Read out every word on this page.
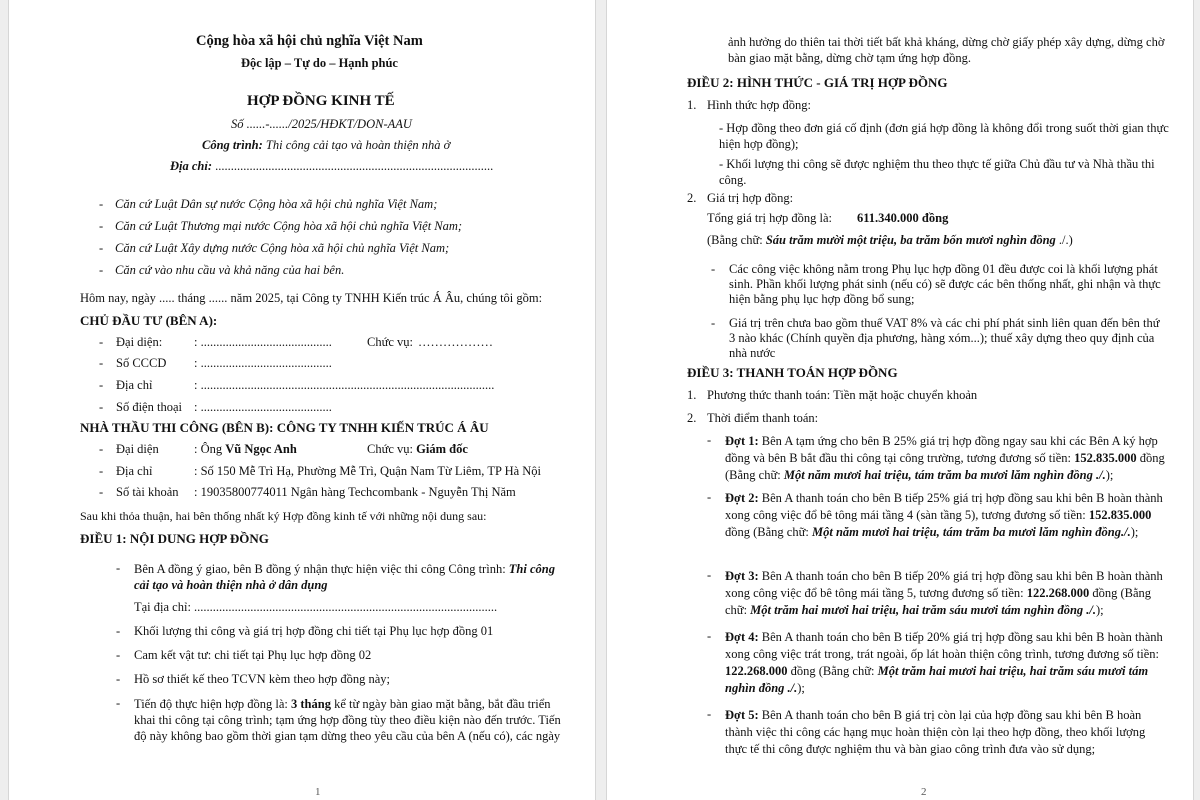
Cộng hòa xã hội chủ nghĩa Việt Nam
Độc lập – Tự do – Hạnh phúc
HỢP ĐỒNG KINH TẾ
Số ......-....../2025/HĐKT/DON-AAU
Công trình: Thi công cải tạo và hoàn thiện nhà ở
Địa chỉ: .........................................................................................
- Căn cứ Luật Dân sự nước Cộng hòa xã hội chủ nghĩa Việt Nam;
- Căn cứ Luật Thương mại nước Cộng hòa xã hội chủ nghĩa Việt Nam;
- Căn cứ Luật Xây dựng nước Cộng hòa xã hội chủ nghĩa Việt Nam;
- Căn cứ vào nhu cầu và khả năng của hai bên.
Hôm nay, ngày ..... tháng ...... năm 2025, tại Công ty TNHH Kiến trúc Á Âu, chúng tôi gồm:
CHỦ ĐẦU TƯ (BÊN A):
- Đại diện:	: ..........................................	Chức vụ: ………………
- Số CCCD : ..........................................
- Địa chỉ	: ..............................................................................................
- Số điện thoại : ..........................................
NHÀ THẦU THI CÔNG (BÊN B): CÔNG TY TNHH KIẾN TRÚC Á ÂU
- Đại diện	: Ông Vũ Ngọc Anh	Chức vụ: Giám đốc
- Địa chỉ	: Số 150 Mễ Trì Hạ, Phường Mễ Trì, Quận Nam Từ Liêm, TP Hà Nội
- Số tài khoản : 19035800774011 Ngân hàng Techcombank - Nguyễn Thị Năm
Sau khi thỏa thuận, hai bên thống nhất ký Hợp đồng kinh tế với những nội dung sau:
ĐIỀU 1: NỘI DUNG HỢP ĐỒNG
- Bên A đồng ý giao, bên B đồng ý nhận thực hiện việc thi công Công trình: Thi công cải tạo và hoàn thiện nhà ở dân dụng
Tại địa chỉ: .................................................................................................
- Khối lượng thi công và giá trị hợp đồng chi tiết tại Phụ lục hợp đồng 01
- Cam kết vật tư: chi tiết tại Phụ lục hợp đồng 02
- Hồ sơ thiết kế theo TCVN kèm theo hợp đồng này;
- Tiến độ thực hiện hợp đồng là: 3 tháng kể từ ngày bàn giao mặt bằng, bắt đầu triển khai thi công tại công trình; tạm ứng hợp đồng tùy theo điều kiện nào đến trước. Tiến độ này không bao gồm thời gian tạm dừng theo yêu cầu của bên A (nếu có), các ngày
1
ảnh hưởng do thiên tai thời tiết bất khả kháng, dừng chờ giấy phép xây dựng, dừng chờ bàn giao mặt bằng, dừng chờ tạm ứng hợp đồng.
ĐIỀU 2: HÌNH THỨC - GIÁ TRỊ HỢP ĐỒNG
1. Hình thức hợp đồng:
- Hợp đồng theo đơn giá cố định (đơn giá hợp đồng là không đổi trong suốt thời gian thực hiện hợp đồng);
- Khối lượng thi công sẽ được nghiệm thu theo thực tế giữa Chủ đầu tư và Nhà thầu thi công.
2. Giá trị hợp đồng:
Tổng giá trị hợp đồng là: 611.340.000 đồng
(Bằng chữ: Sáu trăm mười một triệu, ba trăm bốn mươi nghìn đồng ./.)
- Các công việc không nằm trong Phụ lục hợp đồng 01 đều được coi là khối lượng phát sinh. Phần khối lượng phát sinh (nếu có) sẽ được các bên thống nhất, ghi nhận và thực hiện bằng phụ lục hợp đồng bổ sung;
- Giá trị trên chưa bao gồm thuế VAT 8% và các chi phí phát sinh liên quan đến bên thứ 3 nào khác (Chính quyền địa phương, hàng xóm...); thuế xây dựng theo quy định của nhà nước
ĐIỀU 3: THANH TOÁN HỢP ĐỒNG
1. Phương thức thanh toán: Tiền mặt hoặc chuyển khoản
2. Thời điểm thanh toán:
- Đợt 1: Bên A tạm ứng cho bên B 25% giá trị hợp đồng ngay sau khi các Bên A ký hợp đồng và bên B bắt đầu thi công tại công trường, tương đương số tiền: 152.835.000 đồng (Bằng chữ: Một năm mươi hai triệu, tám trăm ba mươi lăm nghìn đồng ./.);
- Đợt 2: Bên A thanh toán cho bên B tiếp 25% giá trị hợp đồng sau khi bên B hoàn thành xong công việc đổ bê tông mái tầng 4 (sàn tầng 5), tương đương số tiền: 152.835.000 đồng (Bằng chữ: Một năm mươi hai triệu, tám trăm ba mươi lăm nghìn đồng./.);
- Đợt 3: Bên A thanh toán cho bên B tiếp 20% giá trị hợp đồng sau khi bên B hoàn thành xong công việc đổ bê tông mái tầng 5, tương đương số tiền: 122.268.000 đồng (Bằng chữ: Một trăm hai mươi hai triệu, hai trăm sáu mươi tám nghìn đồng ./.);
- Đợt 4: Bên A thanh toán cho bên B tiếp 20% giá trị hợp đồng sau khi bên B hoàn thành xong công việc trát trong, trát ngoài, ốp lát hoàn thiện công trình, tương đương số tiền: 122.268.000 đồng (Bằng chữ: Một trăm hai mươi hai triệu, hai trăm sáu mươi tám nghìn đồng ./.);
- Đợt 5: Bên A thanh toán cho bên B giá trị còn lại của hợp đồng sau khi bên B hoàn thành việc thi công các hạng mục hoàn thiện còn lại theo hợp đồng, theo khối lượng thực tế thi công được nghiệm thu và bàn giao công trình đưa vào sử dụng;
2
